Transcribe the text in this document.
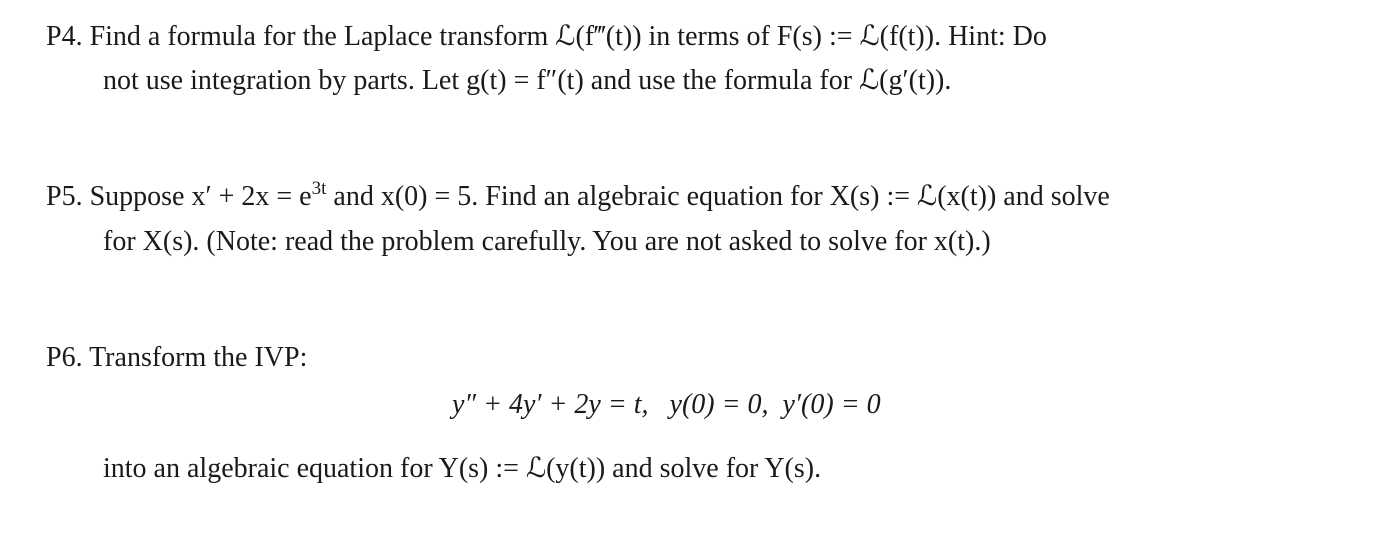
P4. Find a formula for the Laplace transform ℒ(f‴(t)) in terms of F(s) := ℒ(f(t)). Hint: Do
not use integration by parts. Let g(t) = f″(t) and use the formula for ℒ(g′(t)).
P5. Suppose $x' + 2x = e^{3t}$ and x(0) = 5. Find an algebraic equation for X(s) := ℒ(x(t)) and solve
for X(s). (Note: read the problem carefully. You are not asked to solve for x(t).)
P6. Transform the IVP:
y″ + 4y′ + 2y = t,   y(0) = 0,  y′(0) = 0
into an algebraic equation for Y(s) := ℒ(y(t)) and solve for Y(s).
